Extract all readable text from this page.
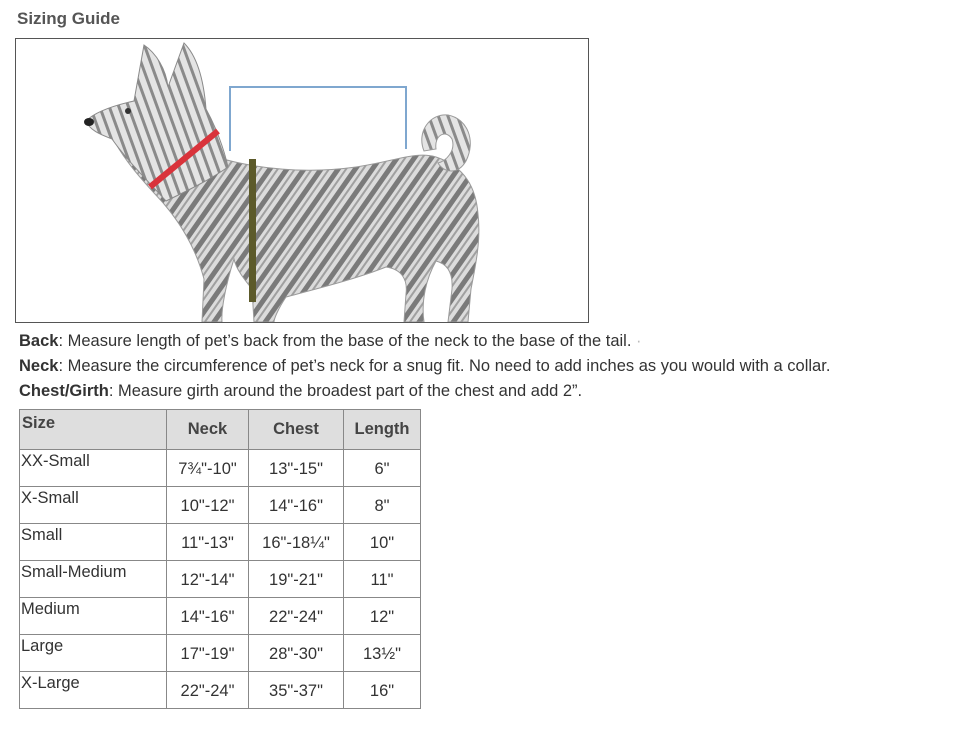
Sizing Guide
Back: Measure length of pet’s back from the base of the neck to the base of the tail. ·
Neck: Measure the circumference of pet’s neck for a snug fit. No need to add inches as you would with a collar.
Chest/Girth: Measure girth around the broadest part of the chest and add 2”.
Size	Neck	Chest	Length
XX-Small	7¾"-10"	13"-15"	6"
X-Small	10"-12"	14"-16"	8"
Small	11"-13"	16"-18¼"	10"
Small-Medium	12"-14"	19"-21"	11"
Medium	14"-16"	22"-24"	12"
Large	17"-19"	28"-30"	13½"
X-Large	22"-24"	35"-37"	16"
